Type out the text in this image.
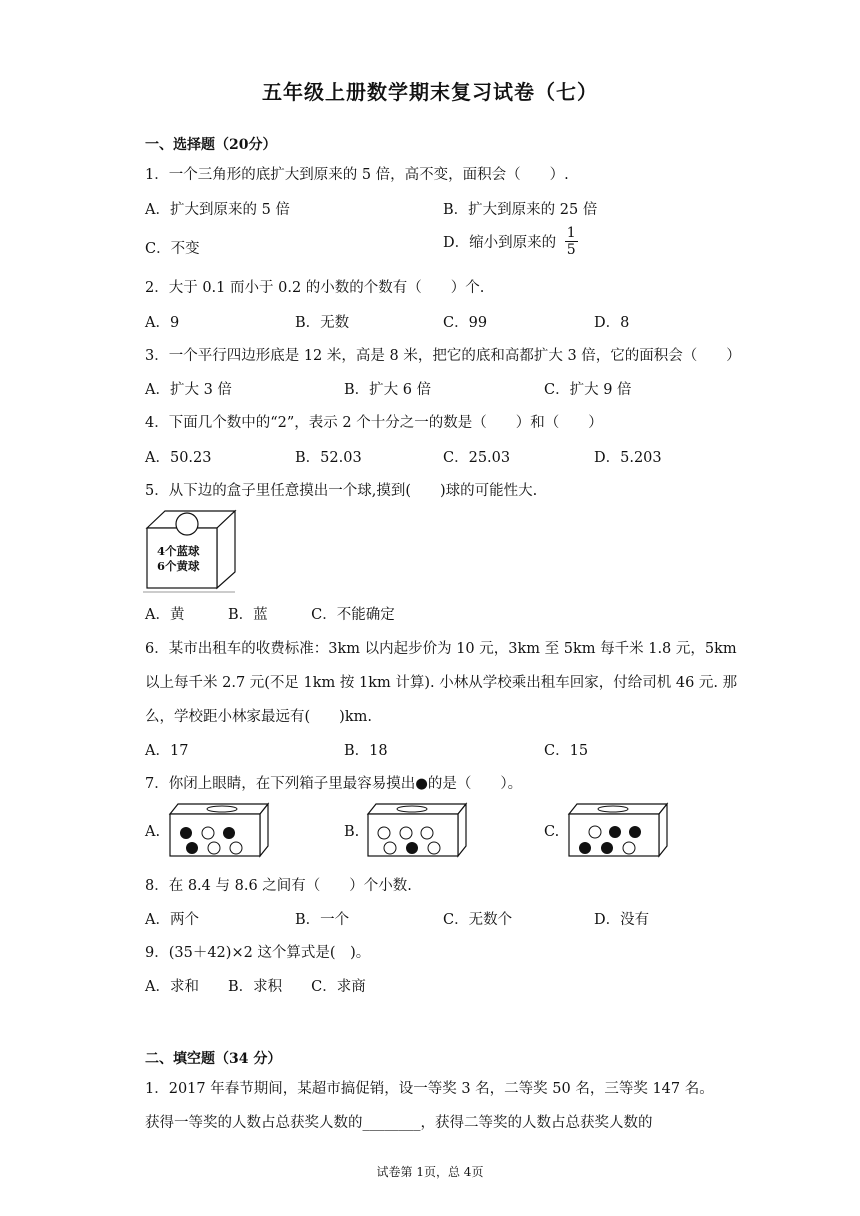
五年级上册数学期末复习试卷（七）
一、选择题（20分）
1．一个三角形的底扩大到原来的 5 倍，高不变，面积会（　　）.
A．扩大到原来的 5 倍	B．扩大到原来的 25 倍
C．不变	D．缩小到原来的 $\frac{1}{5}$
2．大于 0.1 而小于 0.2 的小数的个数有（　　）个.
A．9	B．无数	C．99	D．8
3．一个平行四边形底是 12 米，高是 8 米，把它的底和高都扩大 3 倍，它的面积会（　　）
A．扩大 3 倍	B．扩大 6 倍	C．扩大 9 倍
4．下面几个数中的“2”，表示 2 个十分之一的数是（　　）和（　　）
A．50.23	B．52.03	C．25.03	D．5.203
5．从下边的盒子里任意摸出一个球,摸到(　　)球的可能性大.
4个蓝球
6个黄球
A．黄　　　B．蓝　　　C．不能确定
6．某市出租车的收费标准：3km 以内起步价为 10 元，3km 至 5km 每千米 1.8 元，5km
以上每千米 2.7 元(不足 1km 按 1km 计算). 小林从学校乘出租车回家，付给司机 46 元. 那
么，学校距小林家最远有(　　)km.
A．17	B．18	C．15
7．你闭上眼睛，在下列箱子里最容易摸出●的是（　　）。
A.	B.	C.
8．在 8.4 与 8.6 之间有（　　）个小数.
A．两个	B．一个	C．无数个	D．没有
9．(35＋42)×2 这个算式是(　)。
A．求和　　B．求积　　C．求商
二、填空题（34 分）
1．2017 年春节期间，某超市搞促销，设一等奖 3 名，二等奖 50 名，三等奖 147 名。
获得一等奖的人数占总获奖人数的________，获得二等奖的人数占总获奖人数的
试卷第 1页，总 4页
